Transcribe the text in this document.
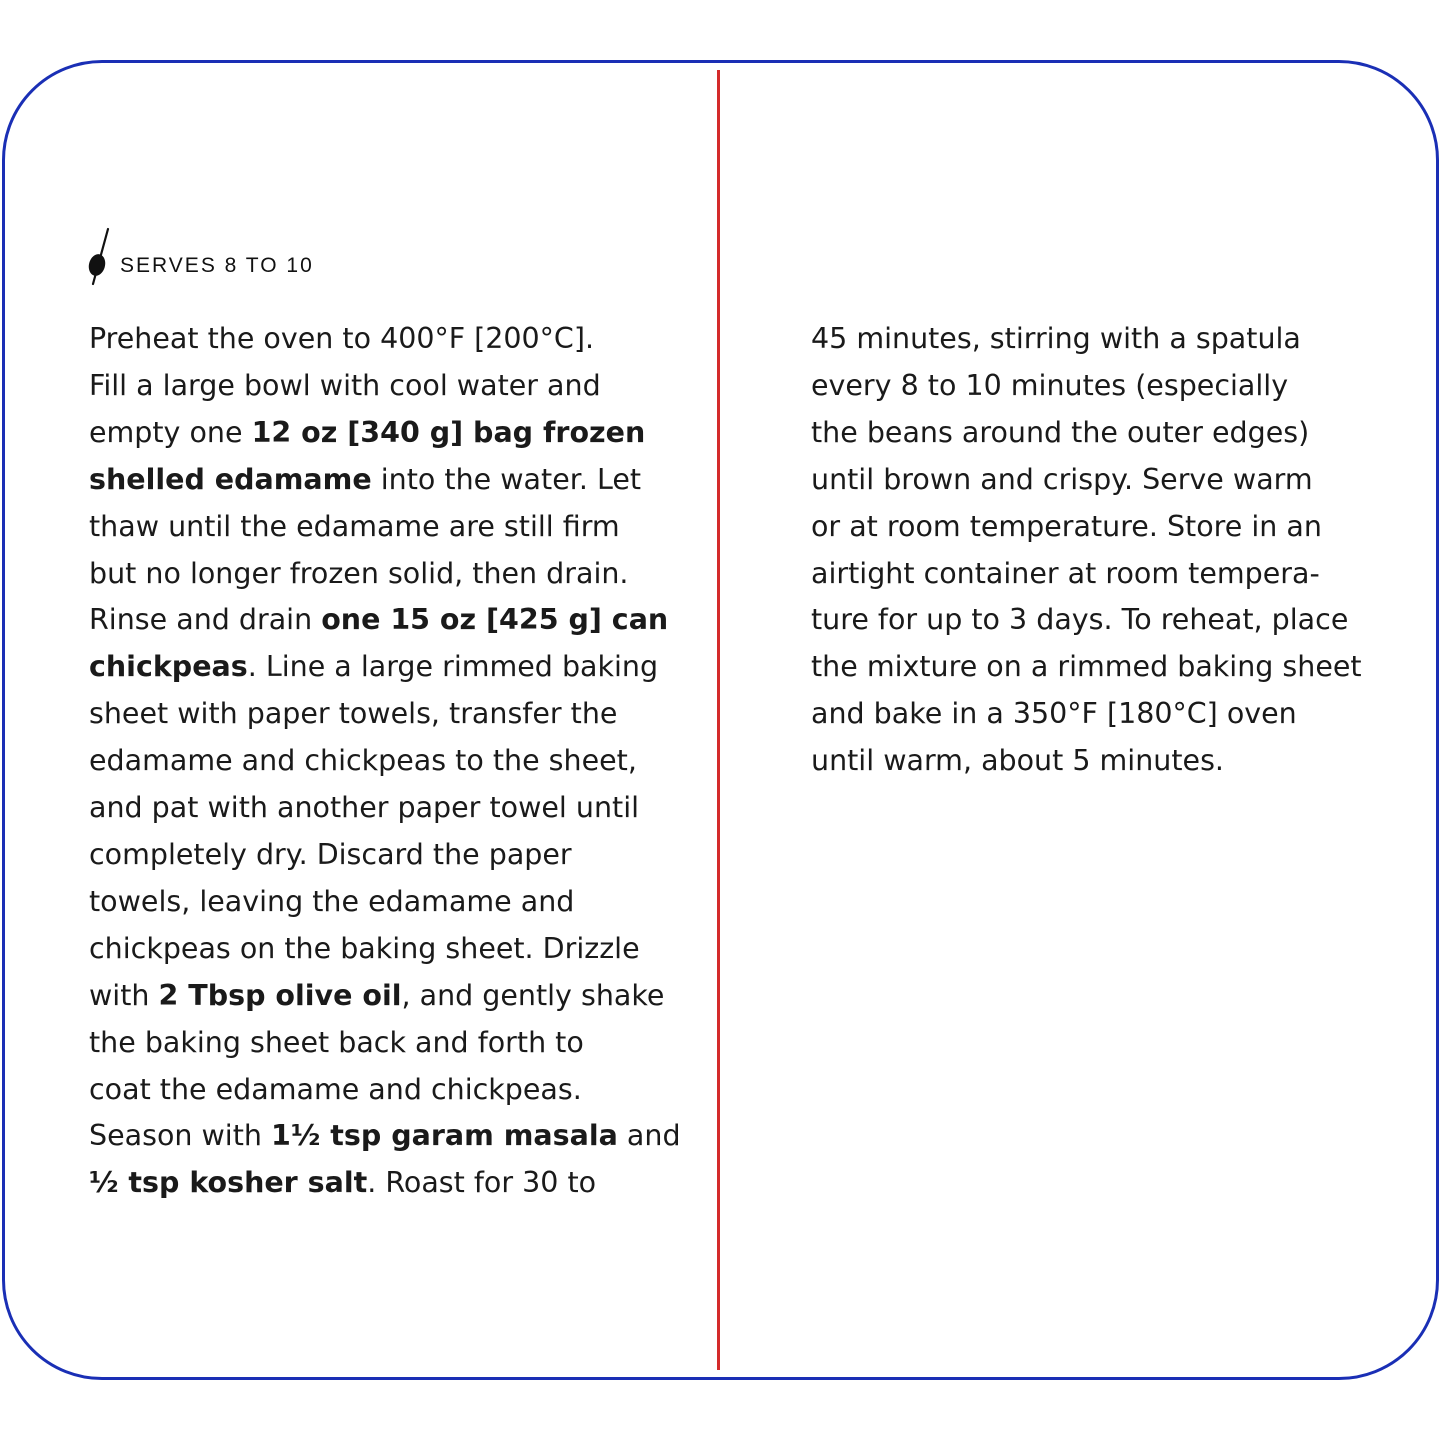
SERVES 8 TO 10
Preheat the oven to 400°F [200°C].
Fill a large bowl with cool water and
empty one 12 oz [340 g] bag frozen
shelled edamame into the water. Let
thaw until the edamame are still firm
but no longer frozen solid, then drain.
Rinse and drain one 15 oz [425 g] can
chickpeas. Line a large rimmed baking
sheet with paper towels, transfer the
edamame and chickpeas to the sheet,
and pat with another paper towel until
completely dry. Discard the paper
towels, leaving the edamame and
chickpeas on the baking sheet. Drizzle
with 2 Tbsp olive oil, and gently shake
the baking sheet back and forth to
coat the edamame and chickpeas.
Season with 1½ tsp garam masala and
½ tsp kosher salt. Roast for 30 to
45 minutes, stirring with a spatula
every 8 to 10 minutes (especially
the beans around the outer edges)
until brown and crispy. Serve warm
or at room temperature. Store in an
airtight container at room tempera-
ture for up to 3 days. To reheat, place
the mixture on a rimmed baking sheet
and bake in a 350°F [180°C] oven
until warm, about 5 minutes.
